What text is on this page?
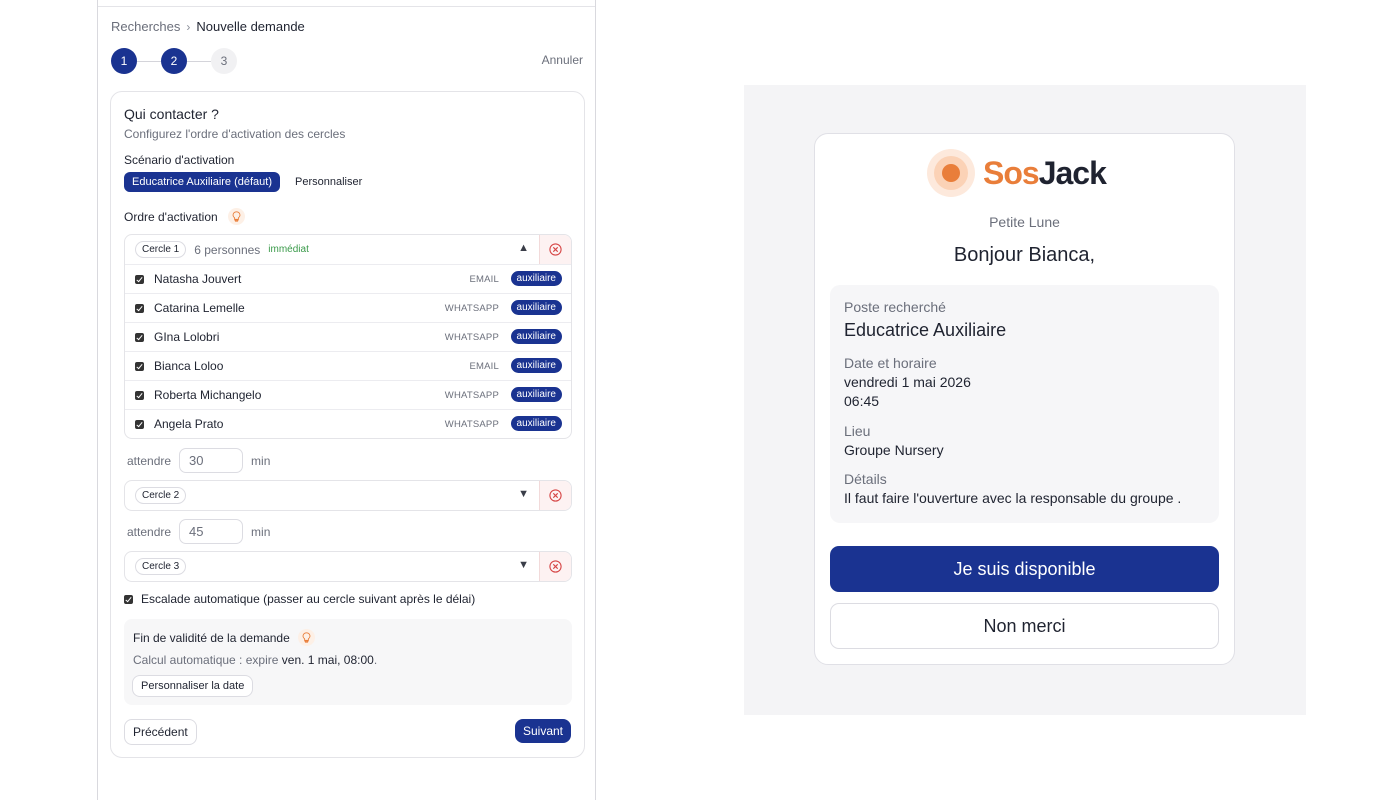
Recherches › Nouvelle demande
1	2	3	Annuler
Qui contacter ?
Configurez l'ordre d'activation des cercles
Scénario d'activation
Educatrice Auxiliaire (défaut)	Personnaliser
Ordre d'activation
Cercle 1	6 personnes immédiat	▲
Natasha Jouvert	EMAIL	auxiliaire
Catarina Lemelle	WHATSAPP	auxiliaire
GIna Lolobri	WHATSAPP	auxiliaire
Bianca Loloo	EMAIL	auxiliaire
Roberta Michangelo	WHATSAPP	auxiliaire
Angela Prato	WHATSAPP	auxiliaire
attendre
30	min
Cercle 2	▼
attendre
45	min
Cercle 3	▼
Escalade automatique (passer au cercle suivant après le délai)
Fin de validité de la demande
Calcul automatique : expire ven. 1 mai, 08:00.
Personnaliser la date
Précédent	Suivant
SosJack
Petite Lune
Bonjour Bianca,
Poste recherché
Educatrice Auxiliaire
Date et horaire
vendredi 1 mai 2026
06:45
Lieu
Groupe Nursery
Détails
Il faut faire l'ouverture avec la responsable du groupe .
Je suis disponible
Non merci
